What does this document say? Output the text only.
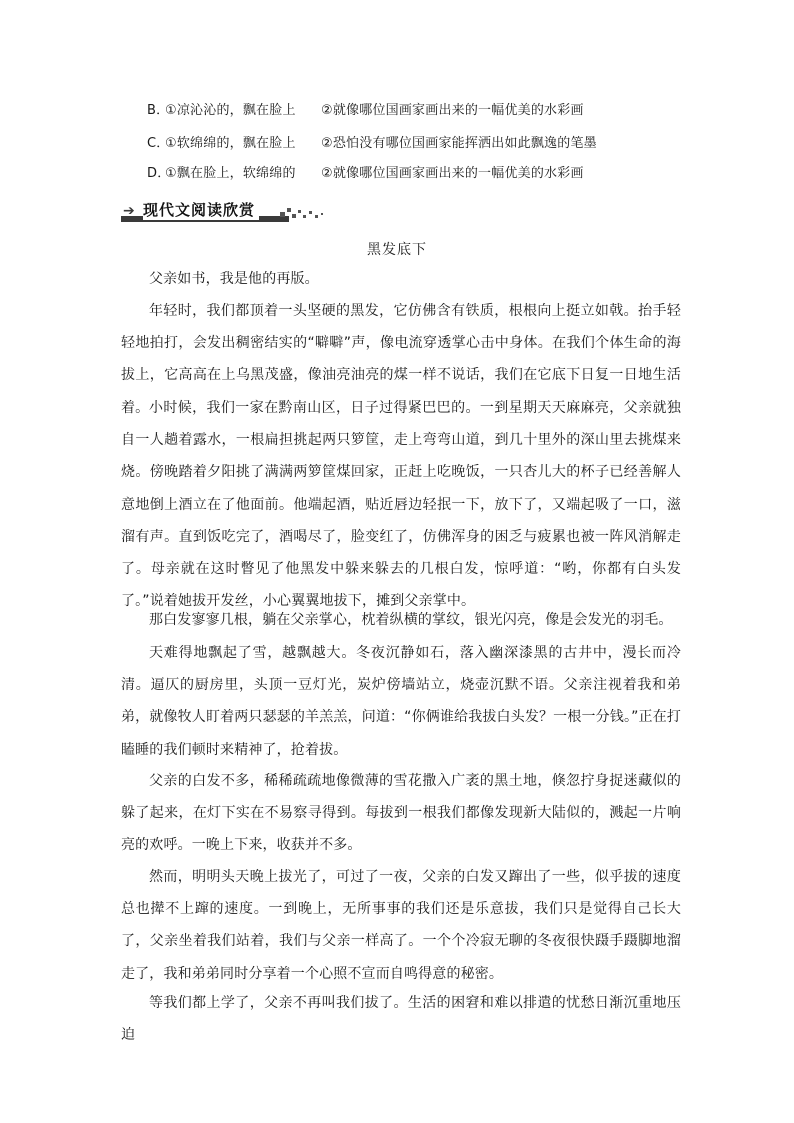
B．①凉沁沁的，飘在脸上 ②就像哪位国画家画出来的一幅优美的水彩画
C．①软绵绵的，飘在脸上 ②恐怕没有哪位国画家能挥洒出如此飘逸的笔墨
D．①飘在脸上，软绵绵的 ②就像哪位国画家画出来的一幅优美的水彩画
➔ 现代文阅读欣赏
黑发底下
父亲如书，我是他的再版。
年轻时，我们都顶着一头坚硬的黑发，它仿佛含有铁质，根根向上挺立如戟。抬手轻轻地拍打，会发出稠密结实的“噼噼”声，像电流穿透掌心击中身体。在我们个体生命的海拔上，它高高在上乌黑茂盛，像油亮油亮的煤一样不说话，我们在它底下日复一日地生活着。 小时候，我们一家在黔南山区，日子过得紧巴巴的。一到星期天天麻麻亮，父亲就独自一人趟着露水，一根扁担挑起两只箩筐，走上弯弯山道，到几十里外的深山里去挑煤来烧。傍晚踏着夕阳挑了满满两箩筐煤回家，正赶上吃晚饭，一只杏儿大的杯子已经善解人意地倒上酒立在了他面前。他端起酒，贴近唇边轻抿一下，放下了，又端起吸了一口，滋溜有声。直到饭吃完了，酒喝尽了，脸变红了，仿佛浑身的困乏与疲累也被一阵风消解走了。母亲就在这时瞥见了他黑发中躲来躲去的几根白发，惊呼道：“哟，你都有白头发了。”说着她拔开发丝，小心翼翼地拔下，摊到父亲掌中。
那白发寥寥几根，躺在父亲掌心，枕着纵横的掌纹，银光闪亮，像是会发光的羽毛。
天难得地飘起了雪，越飘越大。冬夜沉静如石，落入幽深漆黑的古井中，漫长而冷清。逼仄的厨房里，头顶一豆灯光，炭炉傍墙站立，烧壶沉默不语。父亲注视着我和弟弟，就像牧人盯着两只瑟瑟的羊羔羔，问道：“你俩谁给我拔白头发？一根一分钱。”正在打瞌睡的我们顿时来精神了，抢着拔。
父亲的白发不多，稀稀疏疏地像微薄的雪花撒入广袤的黑土地，倏忽拧身捉迷藏似的躲了起来，在灯下实在不易察寻得到。每拔到一根我们都像发现新大陆似的，溅起一片响亮的欢呼。一晚上下来，收获并不多。
然而，明明头天晚上拔光了，可过了一夜，父亲的白发又蹿出了一些，似乎拔的速度总也撵不上蹿的速度。一到晚上，无所事事的我们还是乐意拔，我们只是觉得自己长大了，父亲坐着我们站着，我们与父亲一样高了。一个个冷寂无聊的冬夜很快蹑手蹑脚地溜走了，我和弟弟同时分享着一个心照不宣而自鸣得意的秘密。
等我们都上学了，父亲不再叫我们拔了。生活的困窘和难以排遣的忧愁日渐沉重地压迫
